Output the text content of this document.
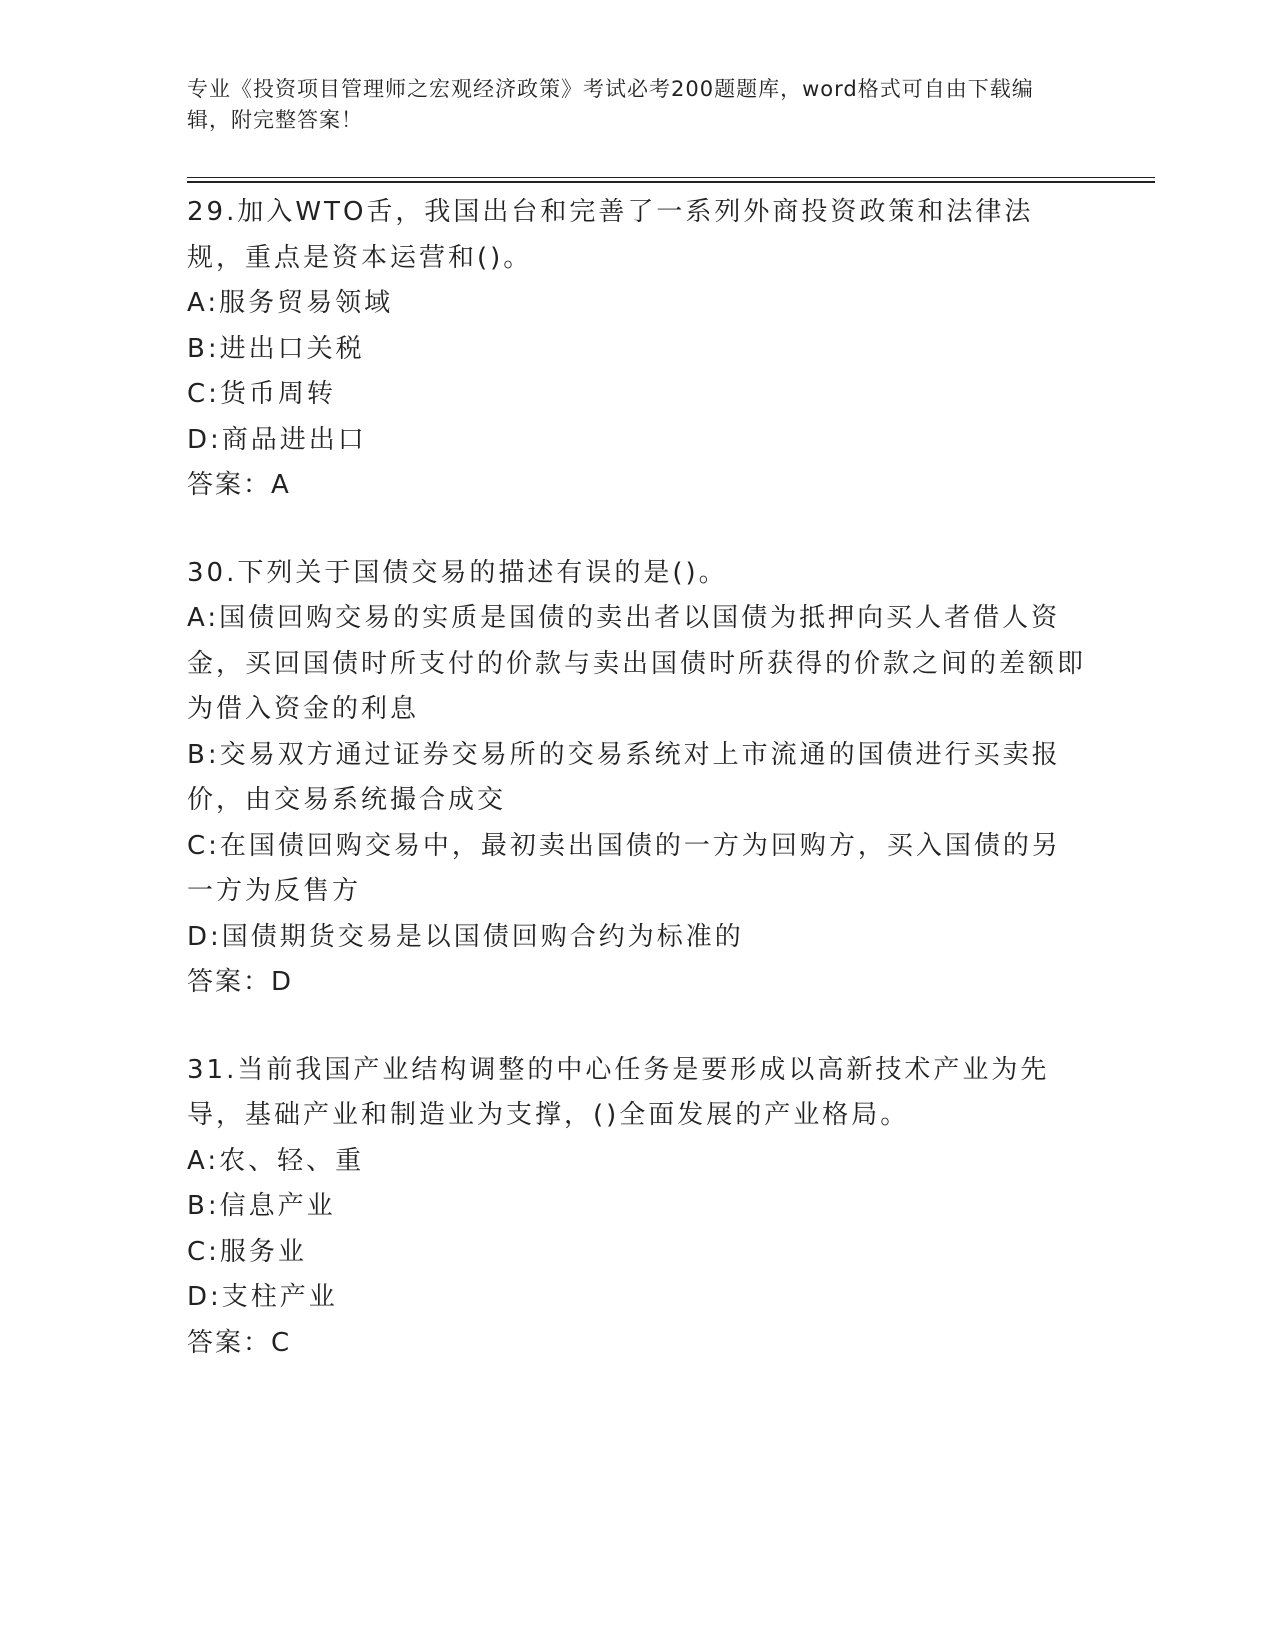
专业《投资项目管理师之宏观经济政策》考试必考200题题库，word格式可自由下载编辑，附完整答案！
29.加入WTO舌，我国出台和完善了一系列外商投资政策和法律法规，重点是资本运营和()。
A:服务贸易领域
B:进出口关税
C:货币周转
D:商品进出口
答案：A
30.下列关于国债交易的描述有误的是()。
A:国债回购交易的实质是国债的卖出者以国债为抵押向买人者借人资金，买回国债时所支付的价款与卖出国债时所获得的价款之间的差额即为借入资金的利息
B:交易双方通过证券交易所的交易系统对上市流通的国债进行买卖报价，由交易系统撮合成交
C:在国债回购交易中，最初卖出国债的一方为回购方，买入国债的另一方为反售方
D:国债期货交易是以国债回购合约为标准的
答案：D
31.当前我国产业结构调整的中心任务是要形成以高新技术产业为先导，基础产业和制造业为支撑，()全面发展的产业格局。
A:农、轻、重
B:信息产业
C:服务业
D:支柱产业
答案：C
